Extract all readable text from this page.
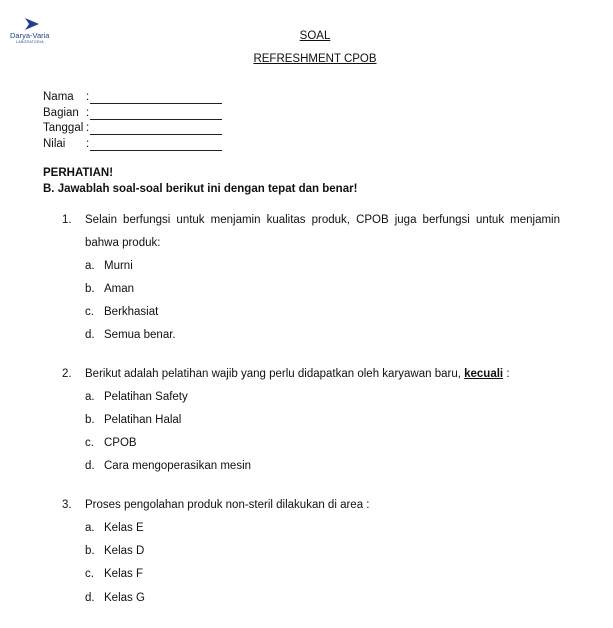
Darya-Varia
LABORATORIA	SOAL
REFRESHMENT CPOB
Nama :
Bagian :
Tanggal :
Nilai :
PERHATIAN!
B. Jawablah soal-soal berikut ini dengan tepat dan benar!
1. Selain berfungsi untuk menjamin kualitas produk, CPOB juga berfungsi untuk menjamin
bahwa produk:
a. Murni
b. Aman
c. Berkhasiat
d. Semua benar.
2. Berikut adalah pelatihan wajib yang perlu didapatkan oleh karyawan baru, kecuali :
a. Pelatihan Safety
b. Pelatihan Halal
c. CPOB
d. Cara mengoperasikan mesin
3. Proses pengolahan produk non-steril dilakukan di area :
a. Kelas E
b. Kelas D
c. Kelas F
d. Kelas G
